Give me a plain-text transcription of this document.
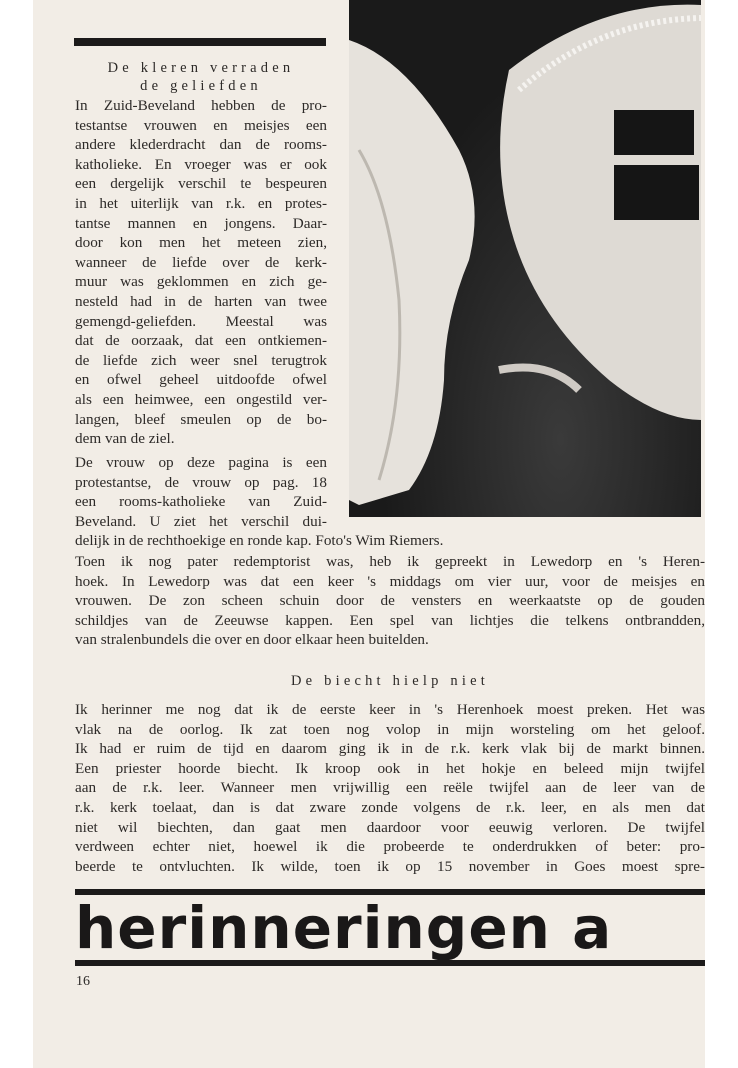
De kleren verraden
de geliefden
In Zuid-Beveland hebben de pro-
testantse vrouwen en meisjes een
andere klederdracht dan de rooms-
katholieke. En vroeger was er ook
een dergelijk verschil te bespeuren
in het uiterlijk van r.k. en protes-
tantse mannen en jongens. Daar-
door kon men het meteen zien,
wanneer de liefde over de kerk-
muur was geklommen en zich ge-
nesteld had in de harten van twee
gemengd-geliefden. Meestal was
dat de oorzaak, dat een ontkiemen-
de liefde zich weer snel terugtrok
en ofwel geheel uitdoofde ofwel
als een heimwee, een ongestild ver-
langen, bleef smeulen op de bo-
dem van de ziel.
De vrouw op deze pagina is een
protestantse, de vrouw op pag. 18
een rooms-katholieke van Zuid-
Beveland. U ziet het verschil dui-
delijk in de rechthoekige en ronde kap. Foto's Wim Riemers.
Toen ik nog pater redemptorist was, heb ik gepreekt in Lewedorp en 's Heren-
hoek. In Lewedorp was dat een keer 's middags om vier uur, voor de meisjes en
vrouwen. De zon scheen schuin door de vensters en weerkaatste op de gouden
schildjes van de Zeeuwse kappen. Een spel van lichtjes die telkens ontbrandden,
van stralenbundels die over en door elkaar heen buitelden.
De biecht hielp niet
Ik herinner me nog dat ik de eerste keer in 's Herenhoek moest preken. Het was
vlak na de oorlog. Ik zat toen nog volop in mijn worsteling om het geloof.
Ik had er ruim de tijd en daarom ging ik in de r.k. kerk vlak bij de markt binnen.
Een priester hoorde biecht. Ik kroop ook in het hokje en beleed mijn twijfel
aan de r.k. leer. Wanneer men vrijwillig een reële twijfel aan de leer van de
r.k. kerk toelaat, dan is dat zware zonde volgens de r.k. leer, en als men dat
niet wil biechten, dan gaat men daardoor voor eeuwig verloren. De twijfel
verdween echter niet, hoewel ik die probeerde te onderdrukken of beter: pro-
beerde te ontvluchten. Ik wilde, toen ik op 15 november in Goes moest spre-
herinneringen a
16
